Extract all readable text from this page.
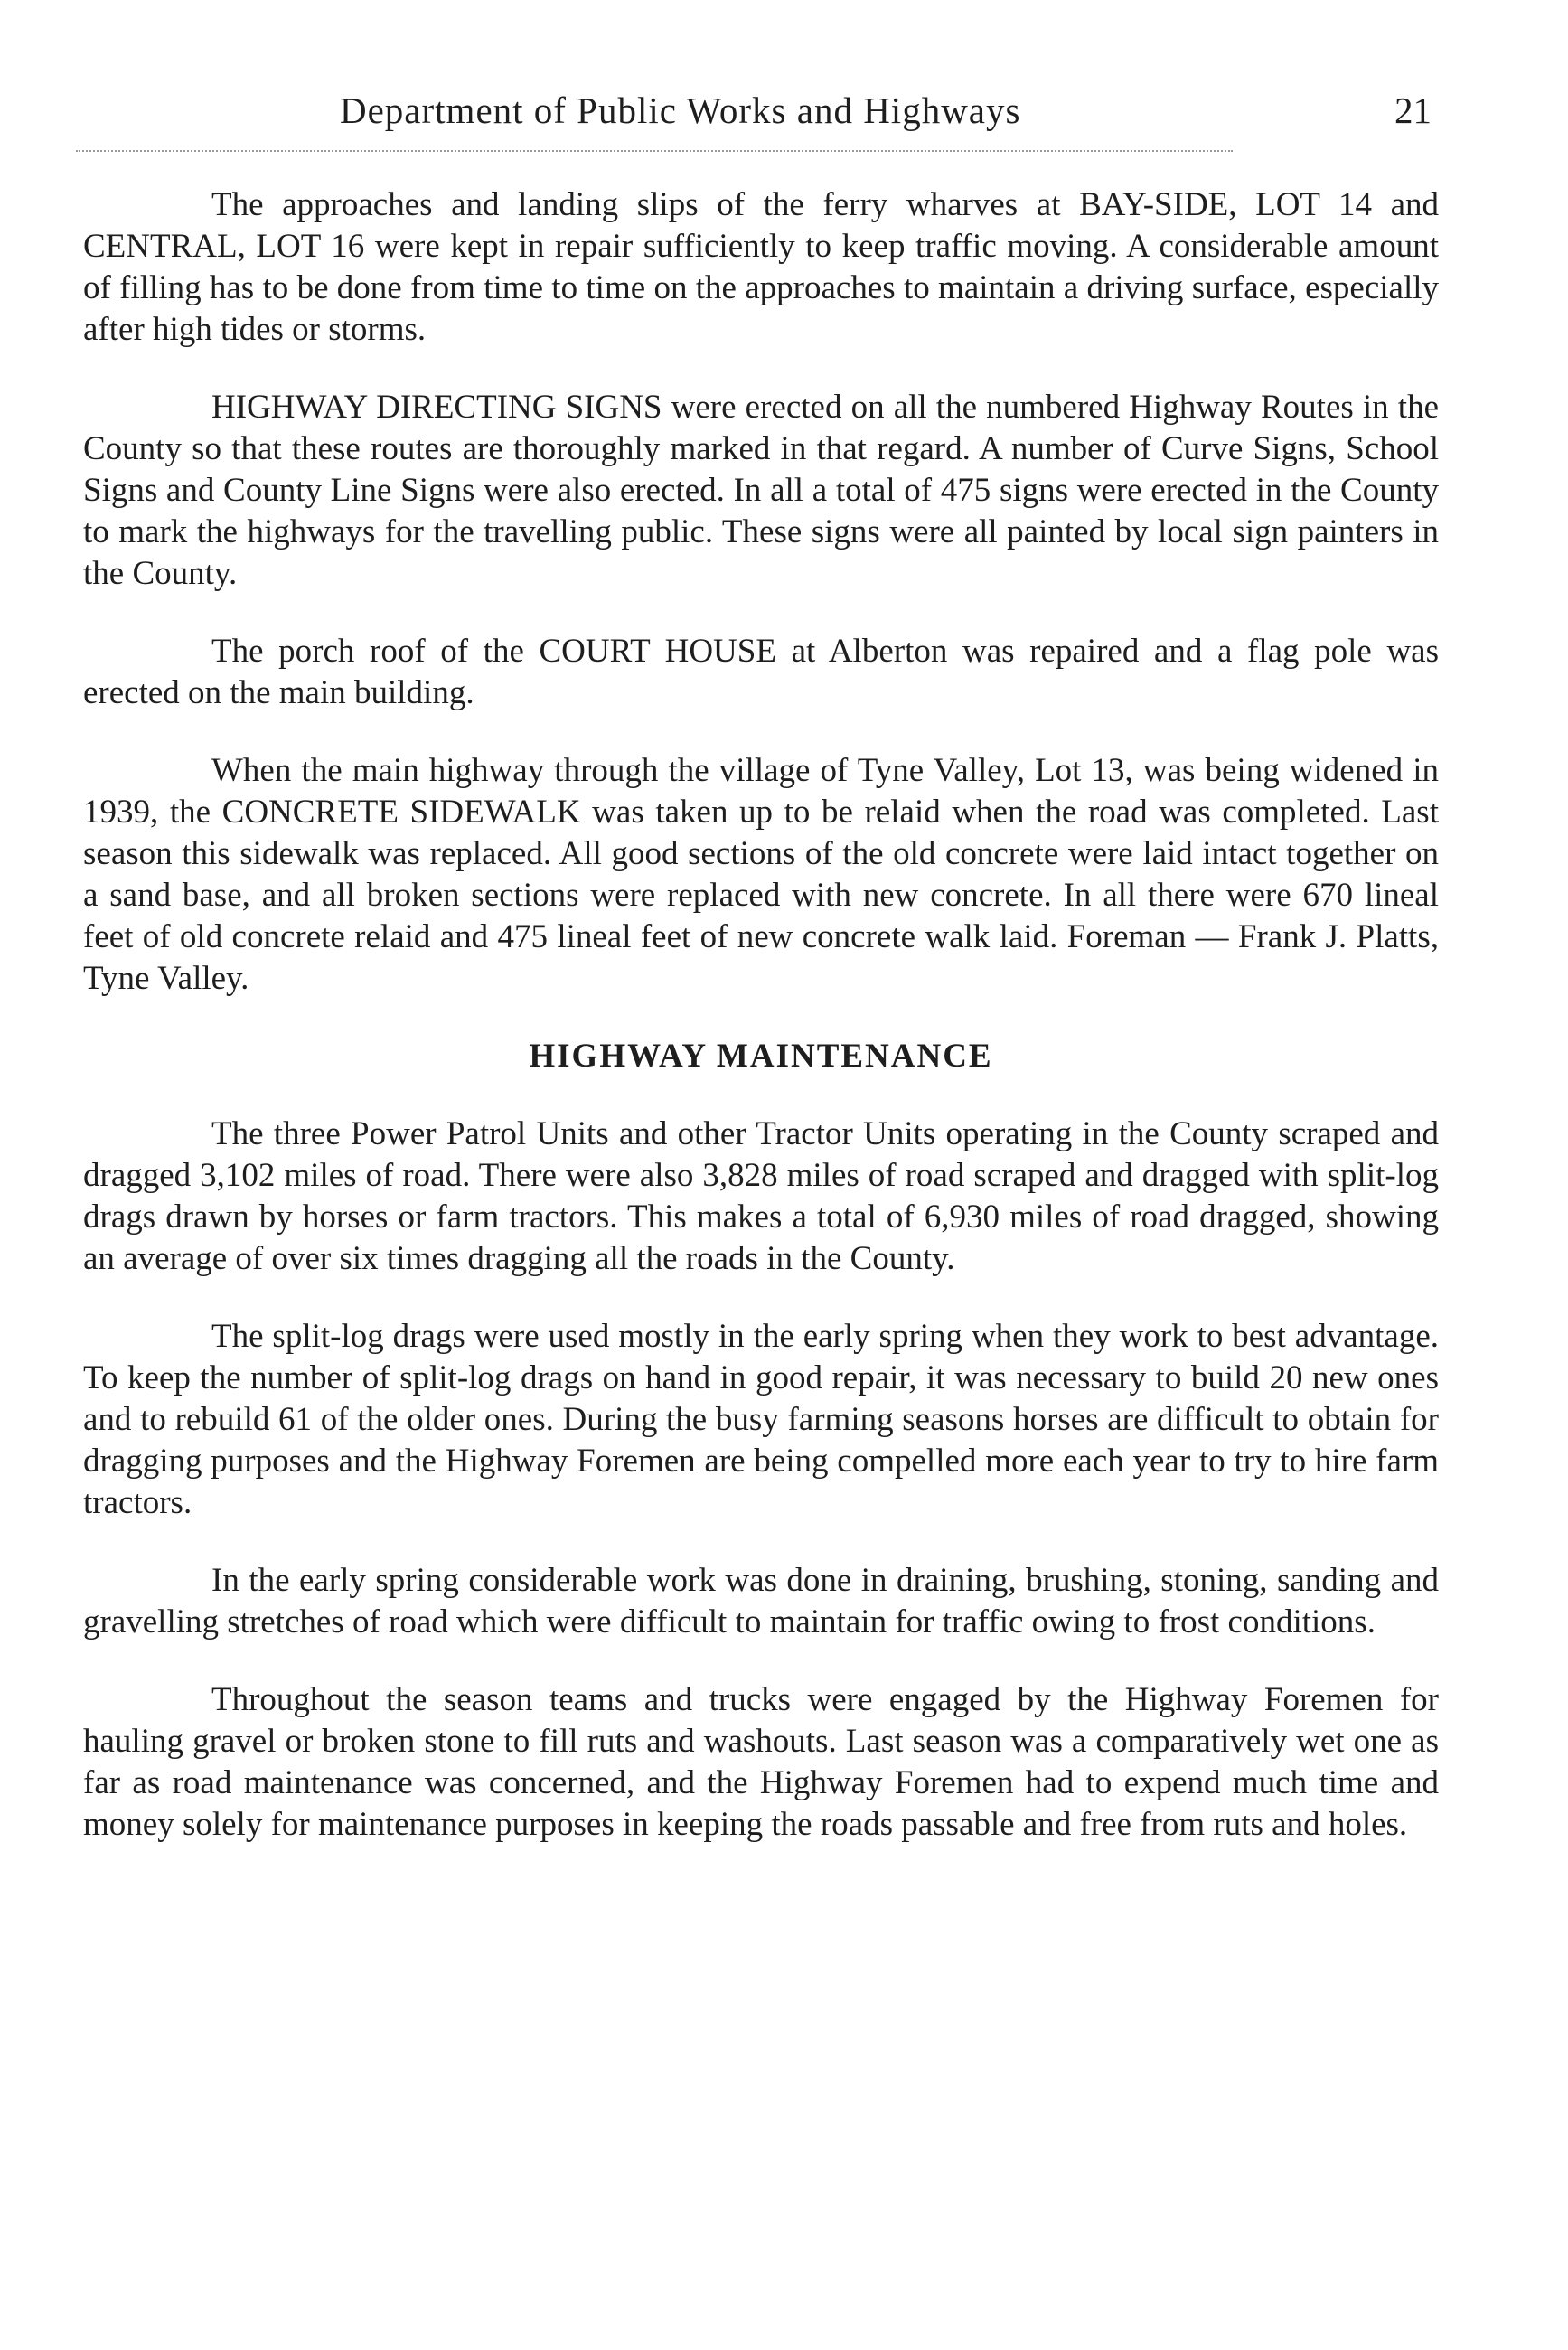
Department of Public Works and Highways	21

The approaches and landing slips of the ferry wharves at BAY-SIDE, LOT 14 and CENTRAL, LOT 16 were kept in repair sufficiently to keep traffic moving. A considerable amount of filling has to be done from time to time on the approaches to maintain a driving surface, especially after high tides or storms.

HIGHWAY DIRECTING SIGNS were erected on all the numbered Highway Routes in the County so that these routes are thoroughly marked in that regard. A number of Curve Signs, School Signs and County Line Signs were also erected. In all a total of 475 signs were erected in the County to mark the highways for the travelling public. These signs were all painted by local sign painters in the County.

The porch roof of the COURT HOUSE at Alberton was repaired and a flag pole was erected on the main building.

When the main highway through the village of Tyne Valley, Lot 13, was being widened in 1939, the CONCRETE SIDEWALK was taken up to be relaid when the road was completed. Last season this sidewalk was replaced. All good sections of the old concrete were laid intact together on a sand base, and all broken sections were replaced with new concrete. In all there were 670 lineal feet of old concrete relaid and 475 lineal feet of new concrete walk laid. Foreman — Frank J. Platts, Tyne Valley.

HIGHWAY MAINTENANCE

The three Power Patrol Units and other Tractor Units operating in the County scraped and dragged 3,102 miles of road. There were also 3,828 miles of road scraped and dragged with split-log drags drawn by horses or farm tractors. This makes a total of 6,930 miles of road dragged, showing an average of over six times dragging all the roads in the County.

The split-log drags were used mostly in the early spring when they work to best advantage. To keep the number of split-log drags on hand in good repair, it was necessary to build 20 new ones and to rebuild 61 of the older ones. During the busy farming seasons horses are difficult to obtain for dragging purposes and the Highway Foremen are being compelled more each year to try to hire farm tractors.

In the early spring considerable work was done in draining, brushing, stoning, sanding and gravelling stretches of road which were difficult to maintain for traffic owing to frost conditions.

Throughout the season teams and trucks were engaged by the Highway Foremen for hauling gravel or broken stone to fill ruts and washouts. Last season was a comparatively wet one as far as road maintenance was concerned, and the Highway Foremen had to expend much time and money solely for maintenance purposes in keeping the roads passable and free from ruts and holes.
